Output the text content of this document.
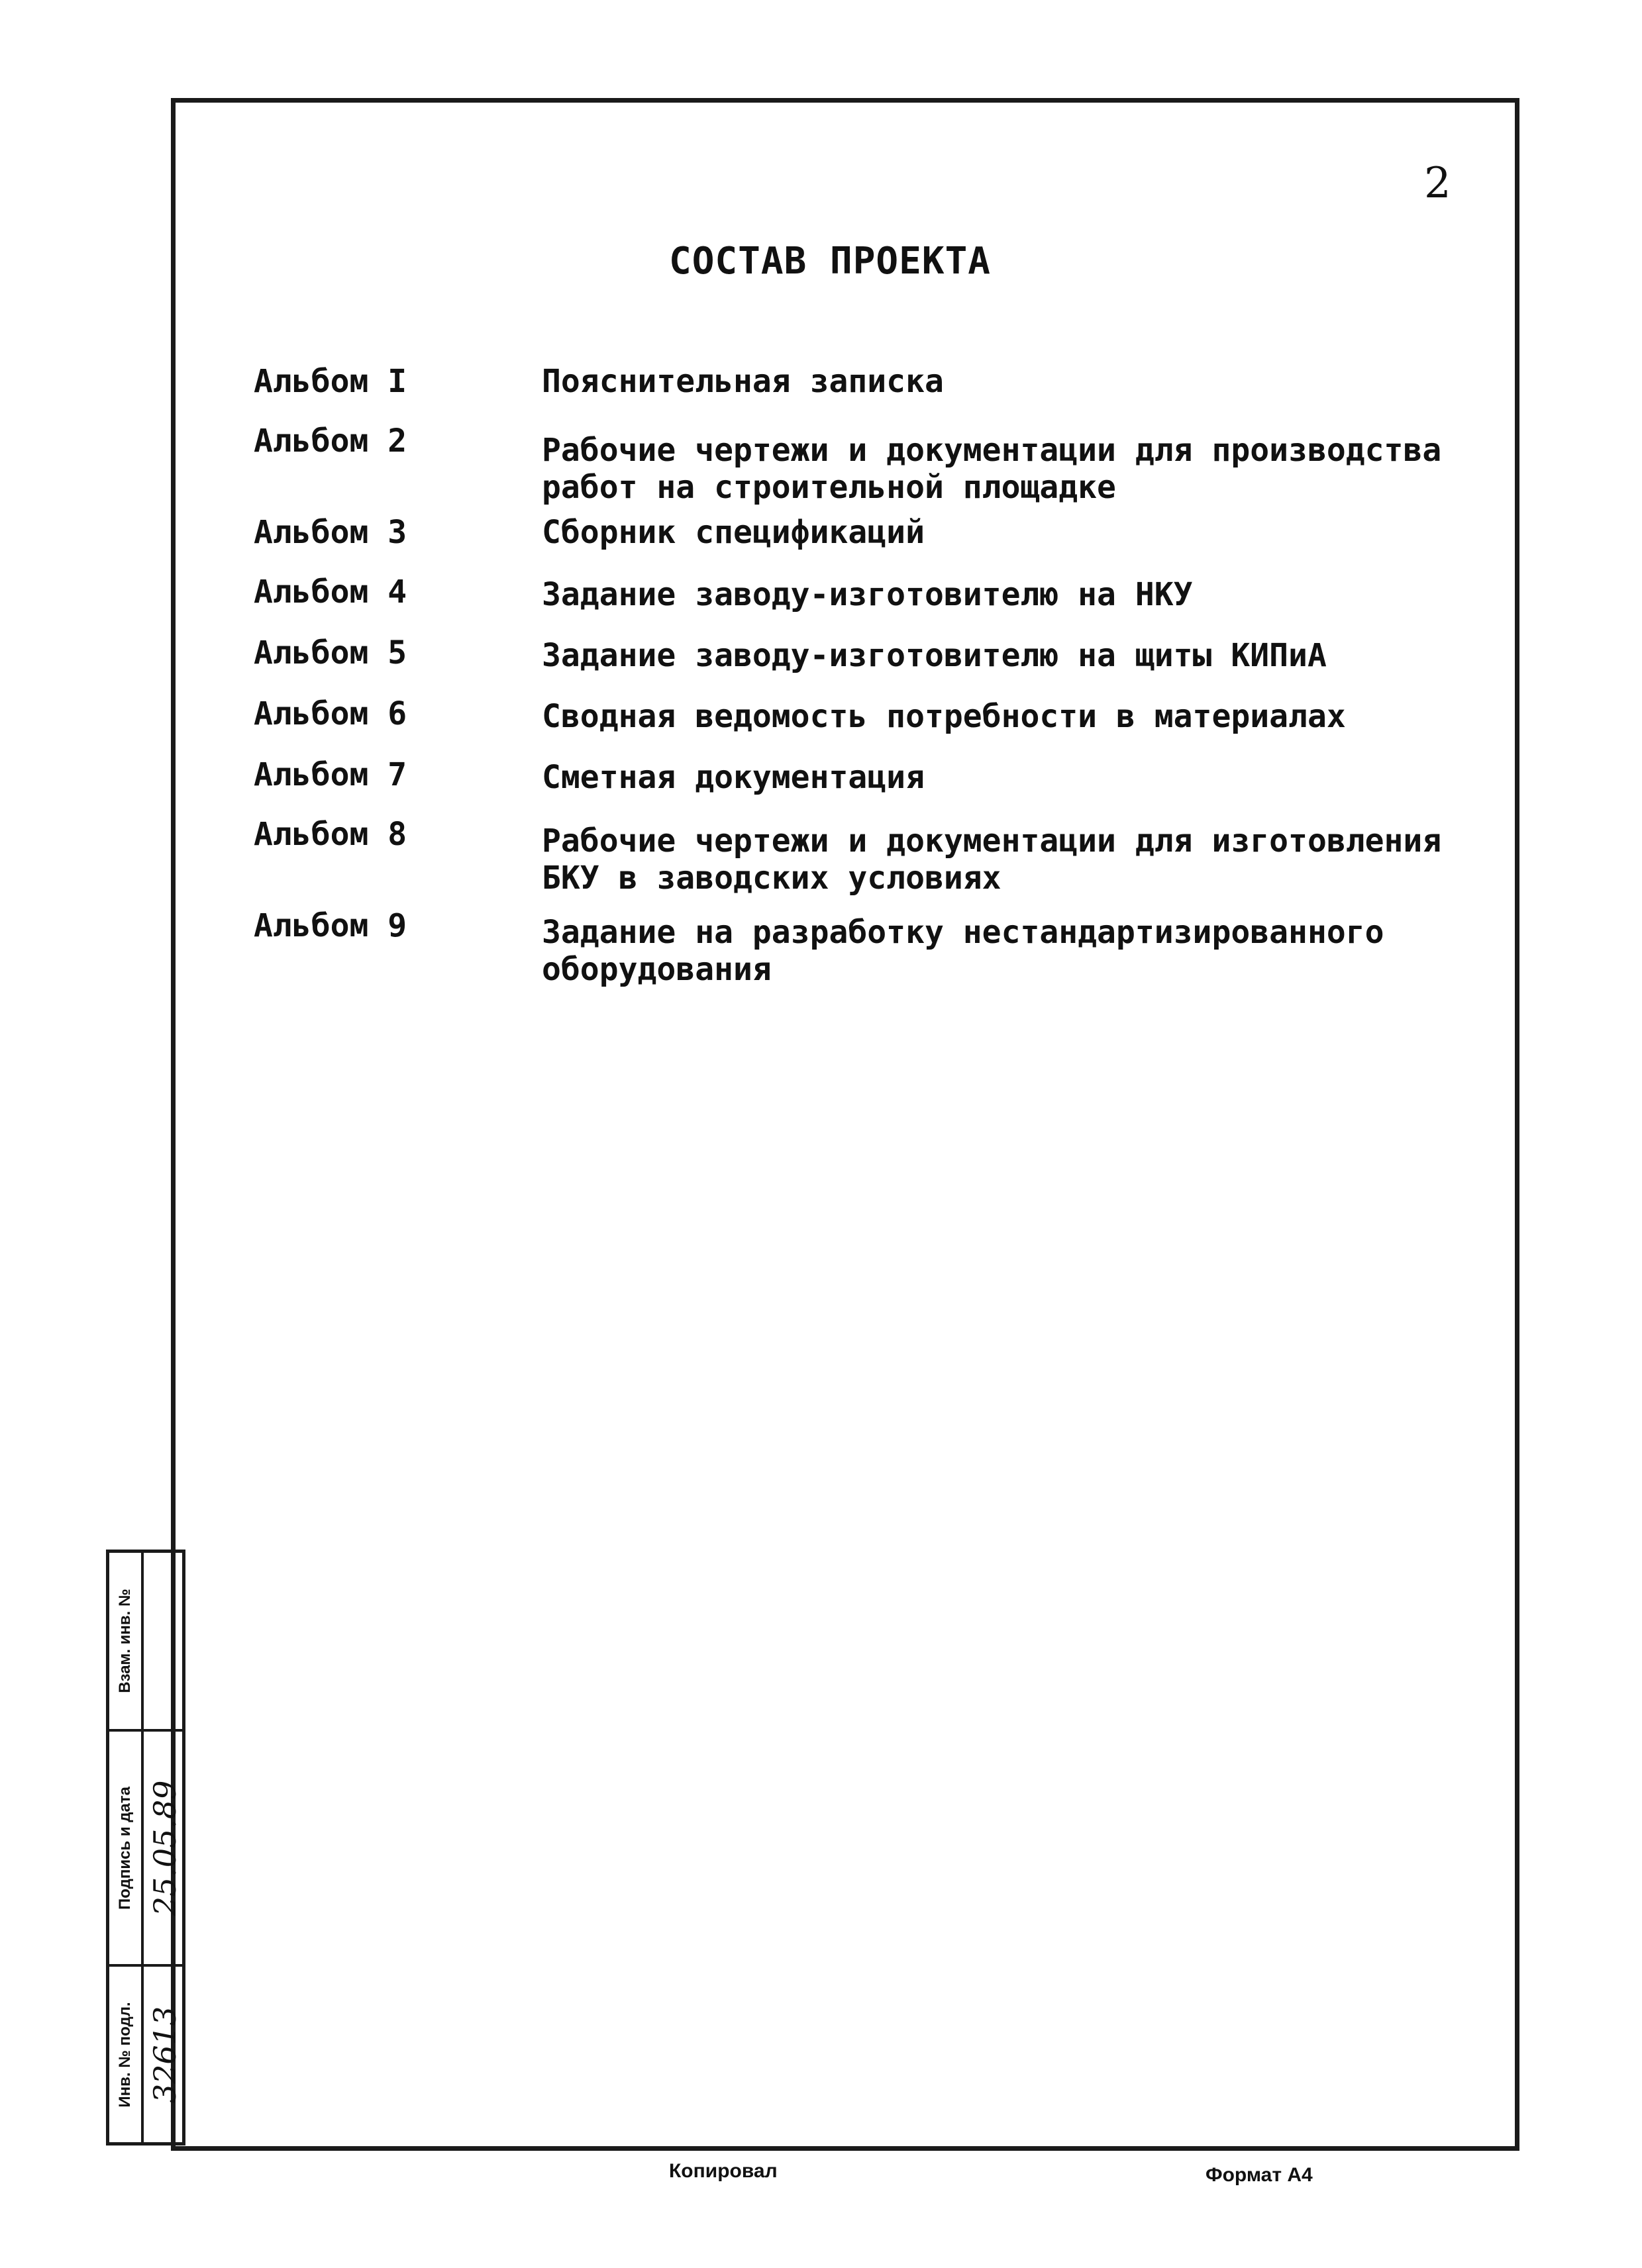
2
СОСТАВ ПРОЕКТА
Альбом I	Пояснительная записка
Альбом 2	Рабочие чертежи и документации для производства
работ на строительной площадке
Альбом 3	Сборник спецификаций
Альбом 4	Задание заводу-изготовителю на НКУ
Альбом 5	Задание заводу-изготовителю на щиты КИПиА
Альбом 6	Сводная ведомость потребности в материалах
Альбом 7	Сметная документация
Альбом 8	Рабочие чертежи и документации для изготовления
БКУ в заводских условиях
Альбом 9	Задание на разработку нестандартизированного
оборудования
Взам. инв. №
Подпись и дата 25.05.89
Инв. № подл. 32613
Копировал	Формат А4
